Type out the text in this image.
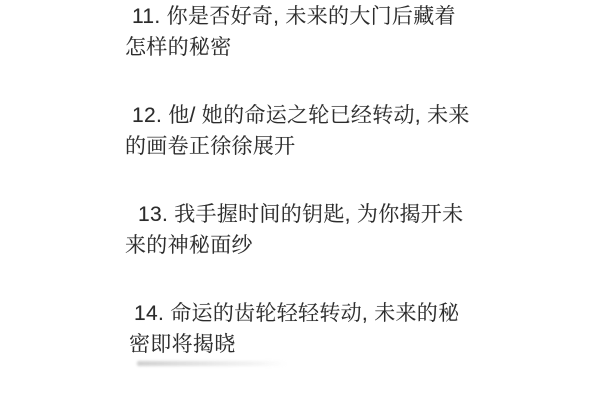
11. 你是否好奇, 未来的大门后藏着
怎样的秘密
12. 他/ 她的命运之轮已经转动, 未来
的画卷正徐徐展开
13. 我手握时间的钥匙, 为你揭开未
来的神秘面纱
14. 命运的齿轮轻轻转动, 未来的秘
密即将揭晓
